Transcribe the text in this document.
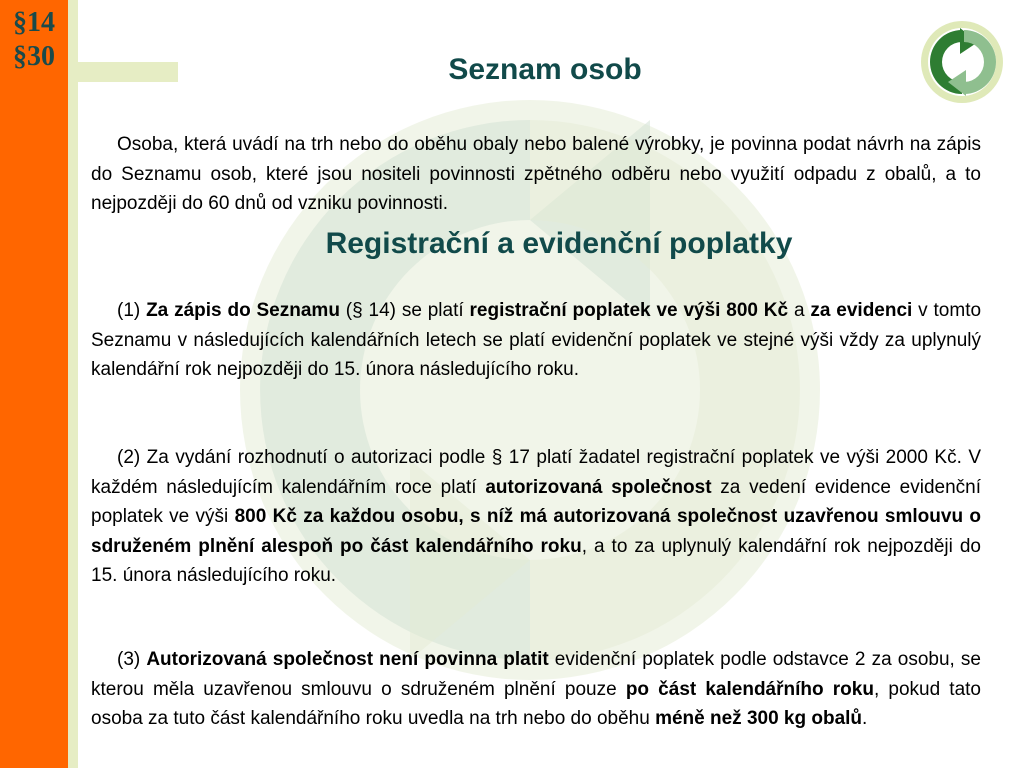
§14
§30	Seznam osob

Osoba, která uvádí na trh nebo do oběhu obaly nebo balené výrobky, je povinna podat návrh na zápis do Seznamu osob, které jsou nositeli povinnosti zpětného odběru nebo využití odpadu z obalů, a to nejpozději do 60 dnů od vzniku povinnosti.

Registrační a evidenční poplatky

(1) Za zápis do Seznamu (§ 14) se platí registrační poplatek ve výši 800 Kč a za evidenci v tomto Seznamu v následujících kalendářních letech se platí evidenční poplatek ve stejné výši vždy za uplynulý kalendářní rok nejpozději do 15. února následujícího roku.

(2) Za vydání rozhodnutí o autorizaci podle § 17 platí žadatel registrační poplatek ve výši 2000 Kč. V každém následujícím kalendářním roce platí autorizovaná společnost za vedení evidence evidenční poplatek ve výši 800 Kč za každou osobu, s níž má autorizovaná společnost uzavřenou smlouvu o sdruženém plnění alespoň po část kalendářního roku, a to za uplynulý kalendářní rok nejpozději do 15. února následujícího roku.

(3) Autorizovaná společnost není povinna platit evidenční poplatek podle odstavce 2 za osobu, se kterou měla uzavřenou smlouvu o sdruženém plnění pouze po část kalendářního roku, pokud tato osoba za tuto část kalendářního roku uvedla na trh nebo do oběhu méně než 300 kg obalů.
